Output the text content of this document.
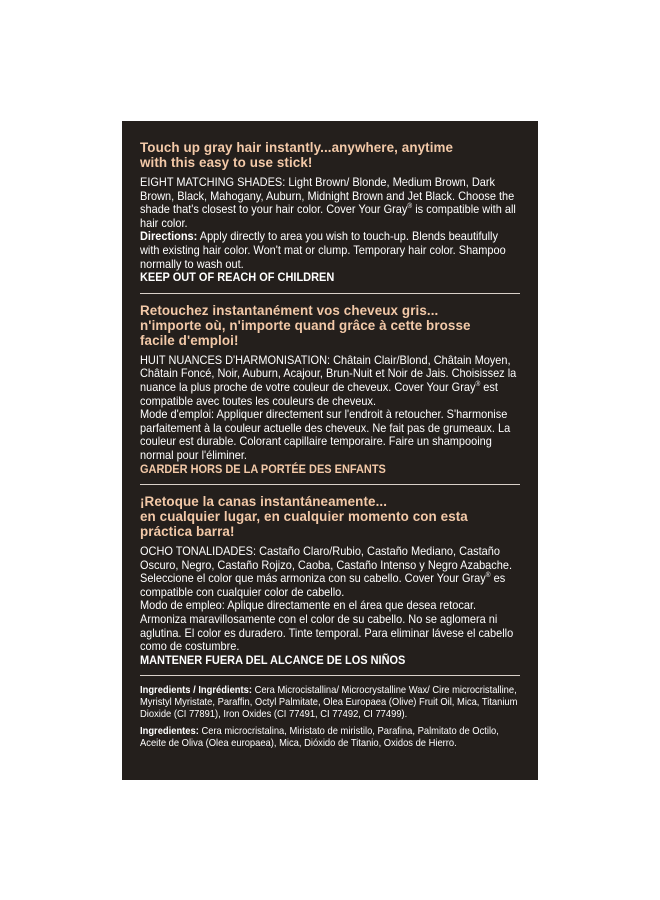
Touch up gray hair instantly...anywhere, anytime
with this easy to use stick!

EIGHT MATCHING SHADES: Light Brown/ Blonde, Medium Brown, Dark Brown, Black, Mahogany, Auburn, Midnight Brown and Jet Black. Choose the shade that's closest to your hair color. Cover Your Gray® is compatible with all hair color.

Directions: Apply directly to area you wish to touch-up. Blends beautifully with existing hair color. Won't mat or clump. Temporary hair color. Shampoo normally to wash out.

KEEP OUT OF REACH OF CHILDREN

Retouchez instantanément vos cheveux gris...
n'importe où, n'importe quand grâce à cette brosse
facile d'emploi!

HUIT NUANCES D'HARMONISATION: Châtain Clair/Blond, Châtain Moyen, Châtain Foncé, Noir, Auburn, Acajour, Brun-Nuit et Noir de Jais. Choisissez la nuance la plus proche de votre couleur de cheveux. Cover Your Gray® est compatible avec toutes les couleurs de cheveux.

Mode d'emploi: Appliquer directement sur l'endroit à retoucher. S'harmonise parfaitement à la couleur actuelle des cheveux. Ne fait pas de grumeaux. La couleur est durable. Colorant capillaire temporaire. Faire un shampooing normal pour l'éliminer.

GARDER HORS DE LA PORTÉE DES ENFANTS

¡Retoque la canas instantáneamente...
en cualquier lugar, en cualquier momento con esta
práctica barra!

OCHO TONALIDADES: Castaño Claro/Rubio, Castaño Mediano, Castaño Oscuro, Negro, Castaño Rojizo, Caoba, Castaño Intenso y Negro Azabache. Seleccione el color que más armoniza con su cabello. Cover Your Gray® es compatible con cualquier color de cabello.

Modo de empleo: Aplique directamente en el área que desea retocar. Armoniza maravillosamente con el color de su cabello. No se aglomera ni aglutina. El color es duradero. Tinte temporal. Para eliminar lávese el cabello como de costumbre.

MANTENER FUERA DEL ALCANCE DE LOS NIÑOS

Ingredients / Ingrédients: Cera Microcistallina/ Microcrystalline Wax/ Cire microcristalline, Myristyl Myristate, Paraffin, Octyl Palmitate, Olea Europaea (Olive) Fruit Oil, Mica, Titanium Dioxide (CI 77891), Iron Oxides (CI 77491, CI 77492, CI 77499).

Ingredientes: Cera microcristalina, Miristato de miristilo, Parafina, Palmitato de Octilo, Aceite de Oliva (Olea europaea), Mica, Dióxido de Titanio, Oxidos de Hierro.
